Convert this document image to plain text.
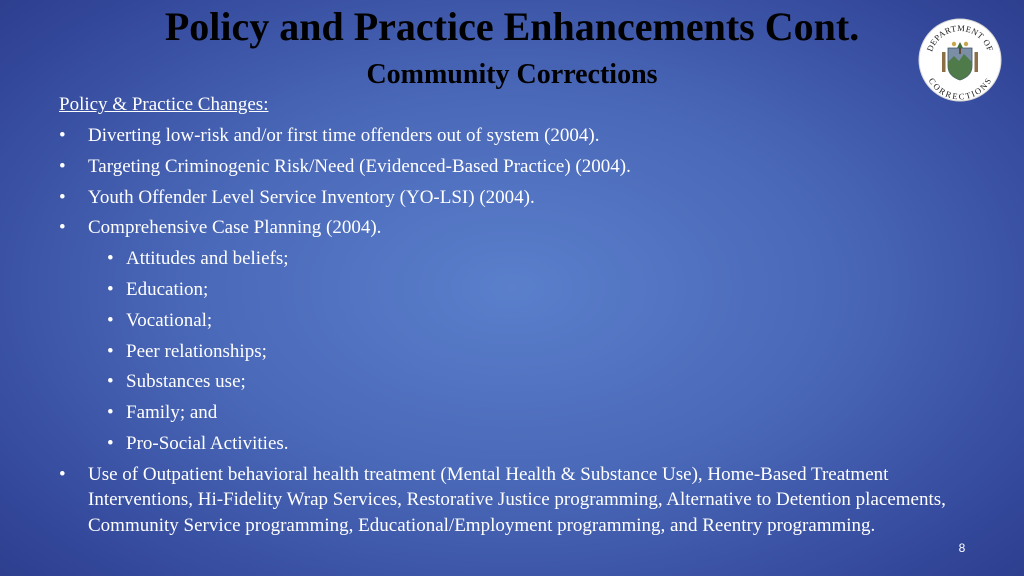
Policy and Practice Enhancements Cont.
Community Corrections
DEPARTMENT OF
CORRECTIONS
Policy & Practice Changes:
• Diverting low-risk and/or first time offenders out of system (2004).
• Targeting Criminogenic Risk/Need (Evidenced-Based Practice) (2004).
• Youth Offender Level Service Inventory (YO-LSI) (2004).
• Comprehensive Case Planning (2004).
• Attitudes and beliefs;
• Education;
• Vocational;
• Peer relationships;
• Substances use;
• Family; and
• Pro-Social Activities.
• Use of Outpatient behavioral health treatment (Mental Health & Substance Use), Home-Based Treatment Interventions, Hi-Fidelity Wrap Services, Restorative Justice programming, Alternative to Detention placements, Community Service programming, Educational/Employment programming, and Reentry programming.
8
